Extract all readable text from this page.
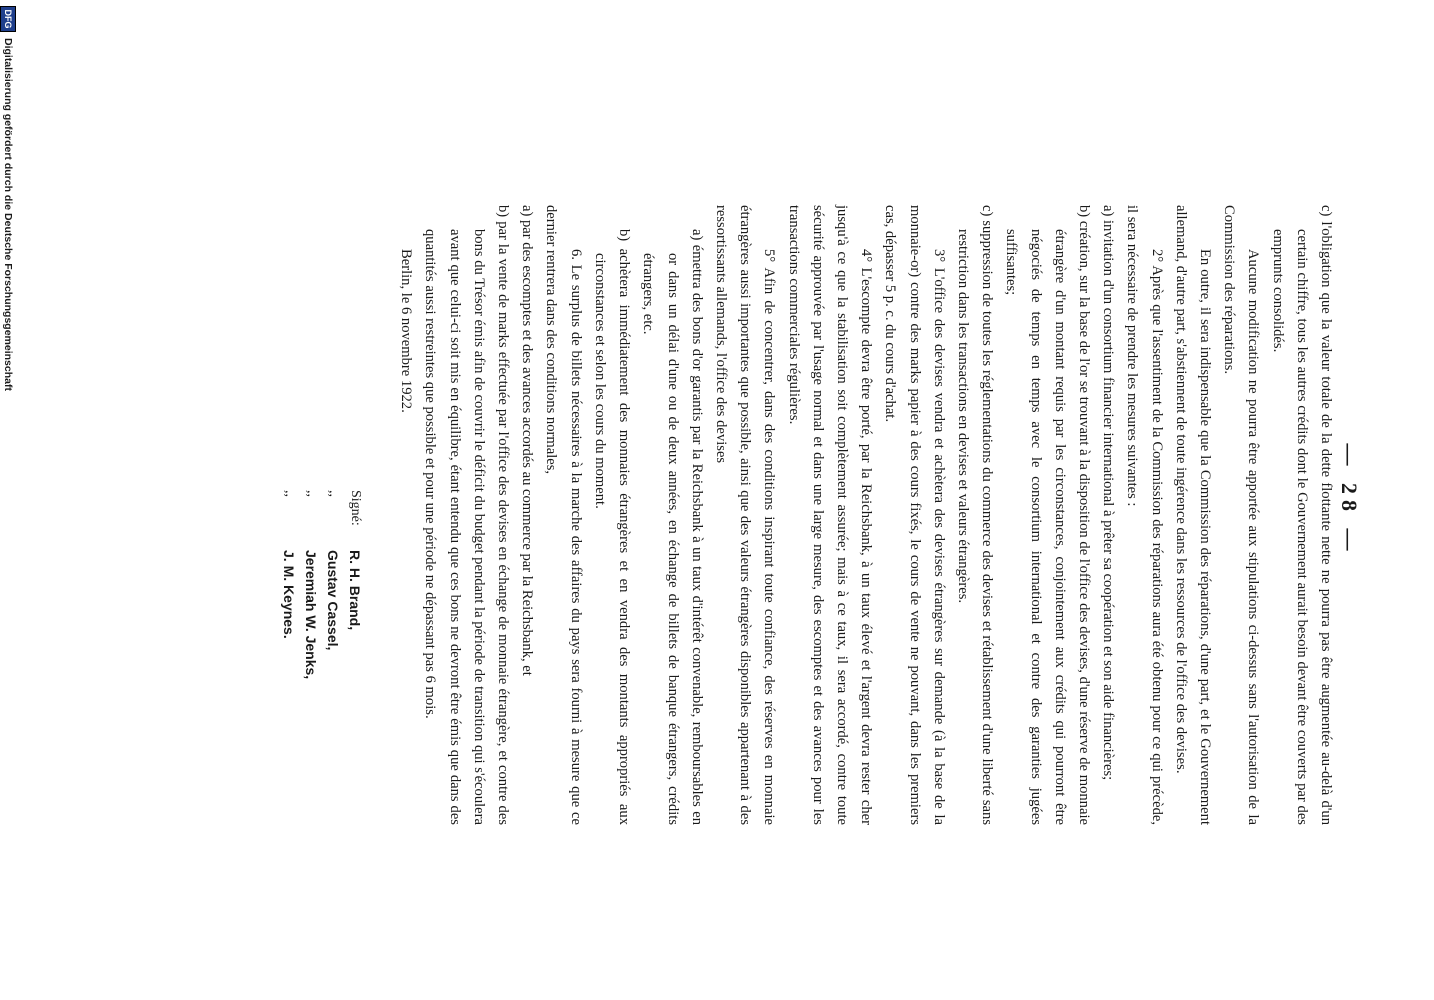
— 28 —

c) l'obligation que la valeur totale de la dette flottante nette ne pourra pas être augmentée au-delà d'un certain chiffre, tous les autres crédits dont le Gouvernement aurait besoin devant être couverts par des emprunts consolidés.

Aucune modification ne pourra être apportée aux stipulations ci-dessus sans l'autorisation de la Commission des réparations.

En outre, il sera indispensable que la Commission des réparations, d'une part, et le Gouvernement allemand, d'autre part, s'abstiennent de toute ingérence dans les ressources de l'office des devises.

2° Après que l'assentiment de la Commission des réparations aura été obtenu pour ce qui précède, il sera nécessaire de prendre les mesures suivantes :

a) invitation d'un consortium financier international à prêter sa coopération et son aide financières;

b) création, sur la base de l'or se trouvant à la disposition de l'office des devises, d'une réserve de monnaie étrangère d'un montant requis par les circonstances, conjointement aux crédits qui pourront être négociés de temps en temps avec le consortium international et contre des garanties jugées suffisantes;

c) suppression de toutes les réglementations du commerce des devises et rétablissement d'une liberté sans restriction dans les transactions en devises et valeurs étrangères.

3° L'office des devises vendra et achètera des devises étrangères sur demande (à la base de la monnaie-or) contre des marks papier à des cours fixés, le cours de vente ne pouvant, dans les premiers cas, dépasser 5 p. c. du cours d'achat.

4° L'escompte devra être porté, par la Reichsbank, à un taux élevé et l'argent devra rester cher jusqu'à ce que la stabilisation soit complètement assurée; mais à ce taux, il sera accordé, contre toute sécurité approuvée par l'usage normal et dans une large mesure, des escomptes et des avances pour les transactions commerciales régulières.

5° Afin de concentrer, dans des conditions inspirant toute confiance, des réserves en monnaie étrangères aussi importantes que possible, ainsi que des valeurs étrangères disponibles appartenant à des ressortissants allemands, l'office des devises

a) émettra des bons d'or garantis par la Reichsbank à un taux d'intérêt convenable, remboursables en or dans un délai d'une ou de deux années, en échange de billets de banque étrangers, crédits étrangers, etc.

b) achètera immédiatement des monnaies étrangères et en vendra des montants appropriés aux circonstances et selon les cours du moment.

6. Le surplus de billets nécessaires à la marche des affaires du pays sera fourni à mesure que ce dernier rentrera dans des conditions normales,

a) par des escomptes et des avances accordés au commerce par la Reichsbank, et

b) par la vente de marks effectuée par l'office des devises en échange de monnaie étrangère, et contre des bons du Trésor émis afin de couvrir le déficit du budget pendant la période de transition qui s'écoulera avant que celui-ci soit mis en équilibre, étant entendu que ces bons ne devront être émis que dans des quantités aussi restreintes que possible et pour une période ne dépassant pas 6 mois.

Berlin, le 6 novembre 1922.

Signé:
R. H. Brand,
,,
Gustav Cassel,
,,
Jeremiah W. Jenks,
,,
J. M. Keynes.
DFG
Digitalisierung gefördert durch die Deutsche Forschungsgemeinschaft
